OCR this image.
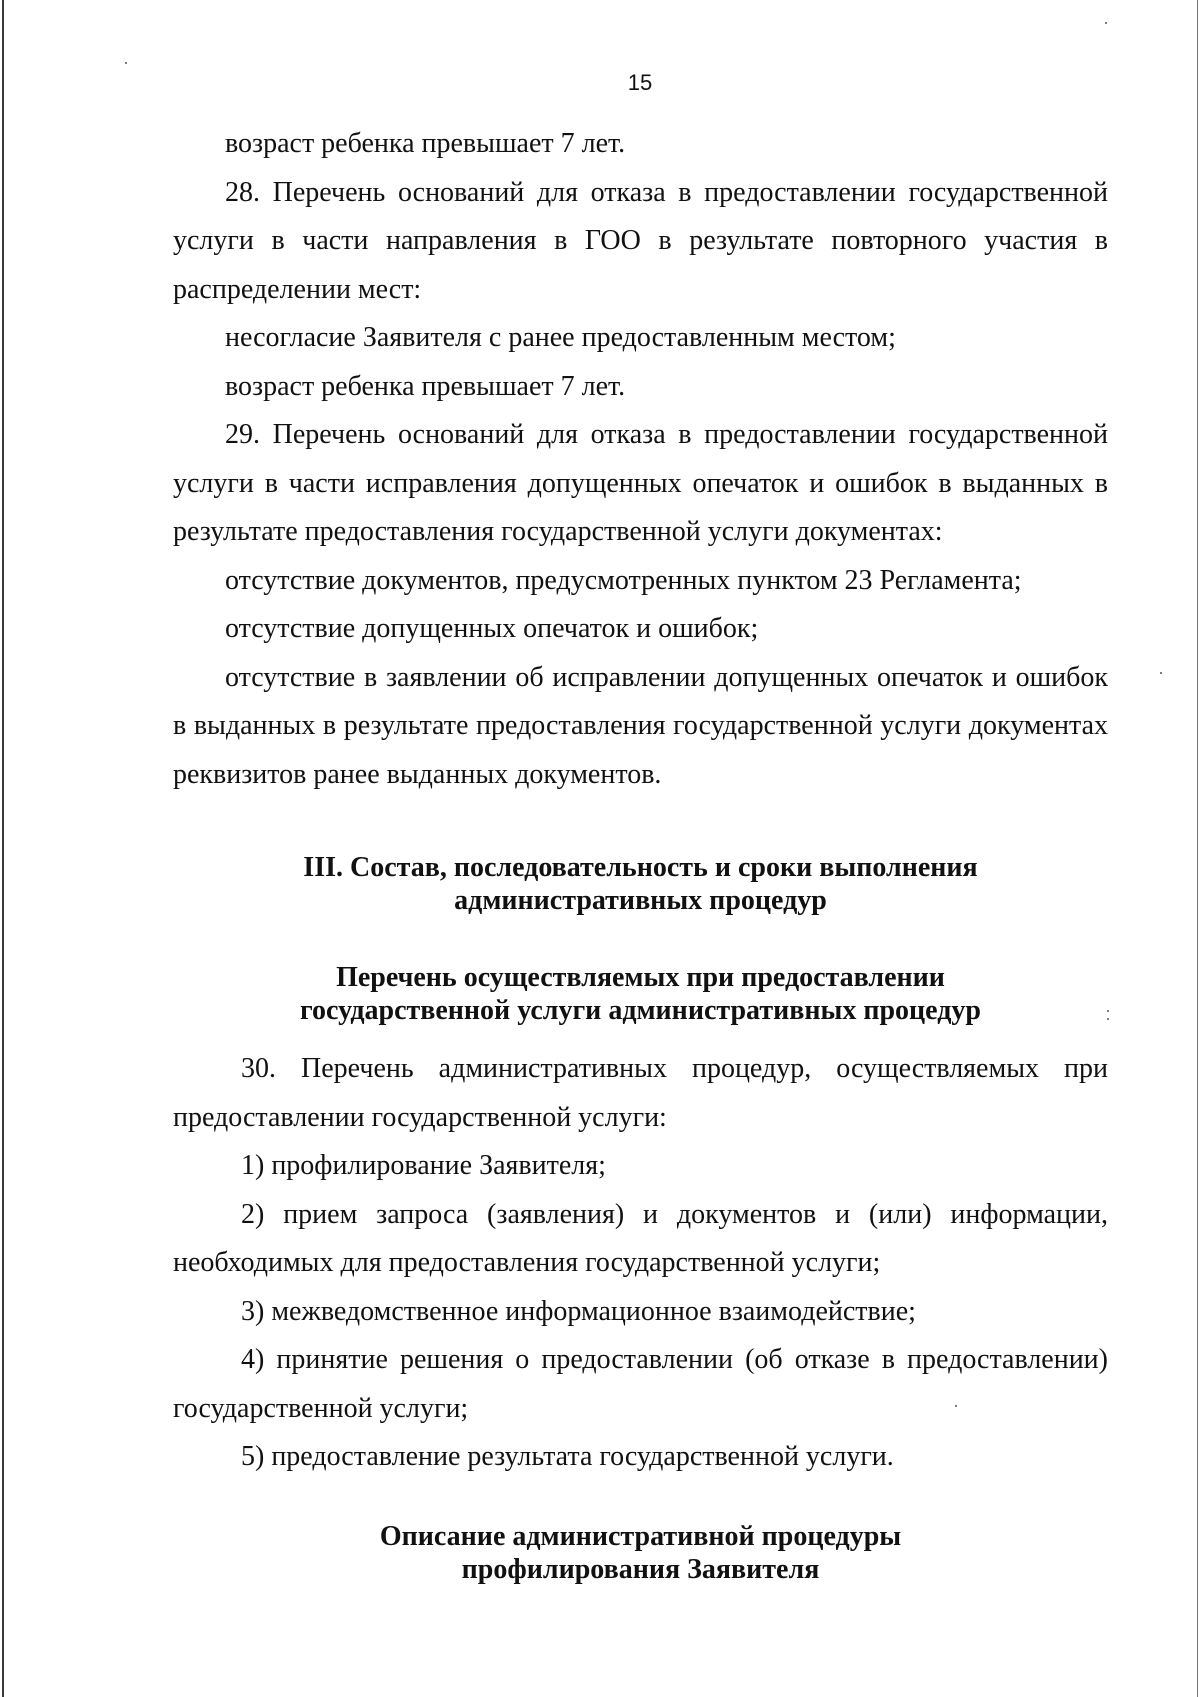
15

возраст ребенка превышает 7 лет.

28. Перечень оснований для отказа в предоставлении государственной услуги в части направления в ГОО в результате повторного участия в распределении мест:

несогласие Заявителя с ранее предоставленным местом;

возраст ребенка превышает 7 лет.

29. Перечень оснований для отказа в предоставлении государственной услуги в части исправления допущенных опечаток и ошибок в выданных в результате предоставления государственной услуги документах:

отсутствие документов, предусмотренных пунктом 23 Регламента;

отсутствие допущенных опечаток и ошибок;

отсутствие в заявлении об исправлении допущенных опечаток и ошибок в выданных в результате предоставления государственной услуги документах реквизитов ранее выданных документов.

III. Состав, последовательность и сроки выполнения
административных процедур
Перечень осуществляемых при предоставлении
государственной услуги административных процедур

30. Перечень административных процедур, осуществляемых при предоставлении государственной услуги:

1) профилирование Заявителя;

2) прием запроса (заявления) и документов и (или) информации, необходимых для предоставления государственной услуги;

3) межведомственное информационное взаимодействие;

4) принятие решения о предоставлении (об отказе в предоставлении) государственной услуги;

5) предоставление результата государственной услуги.

Описание административной процедуры
профилирования Заявителя
